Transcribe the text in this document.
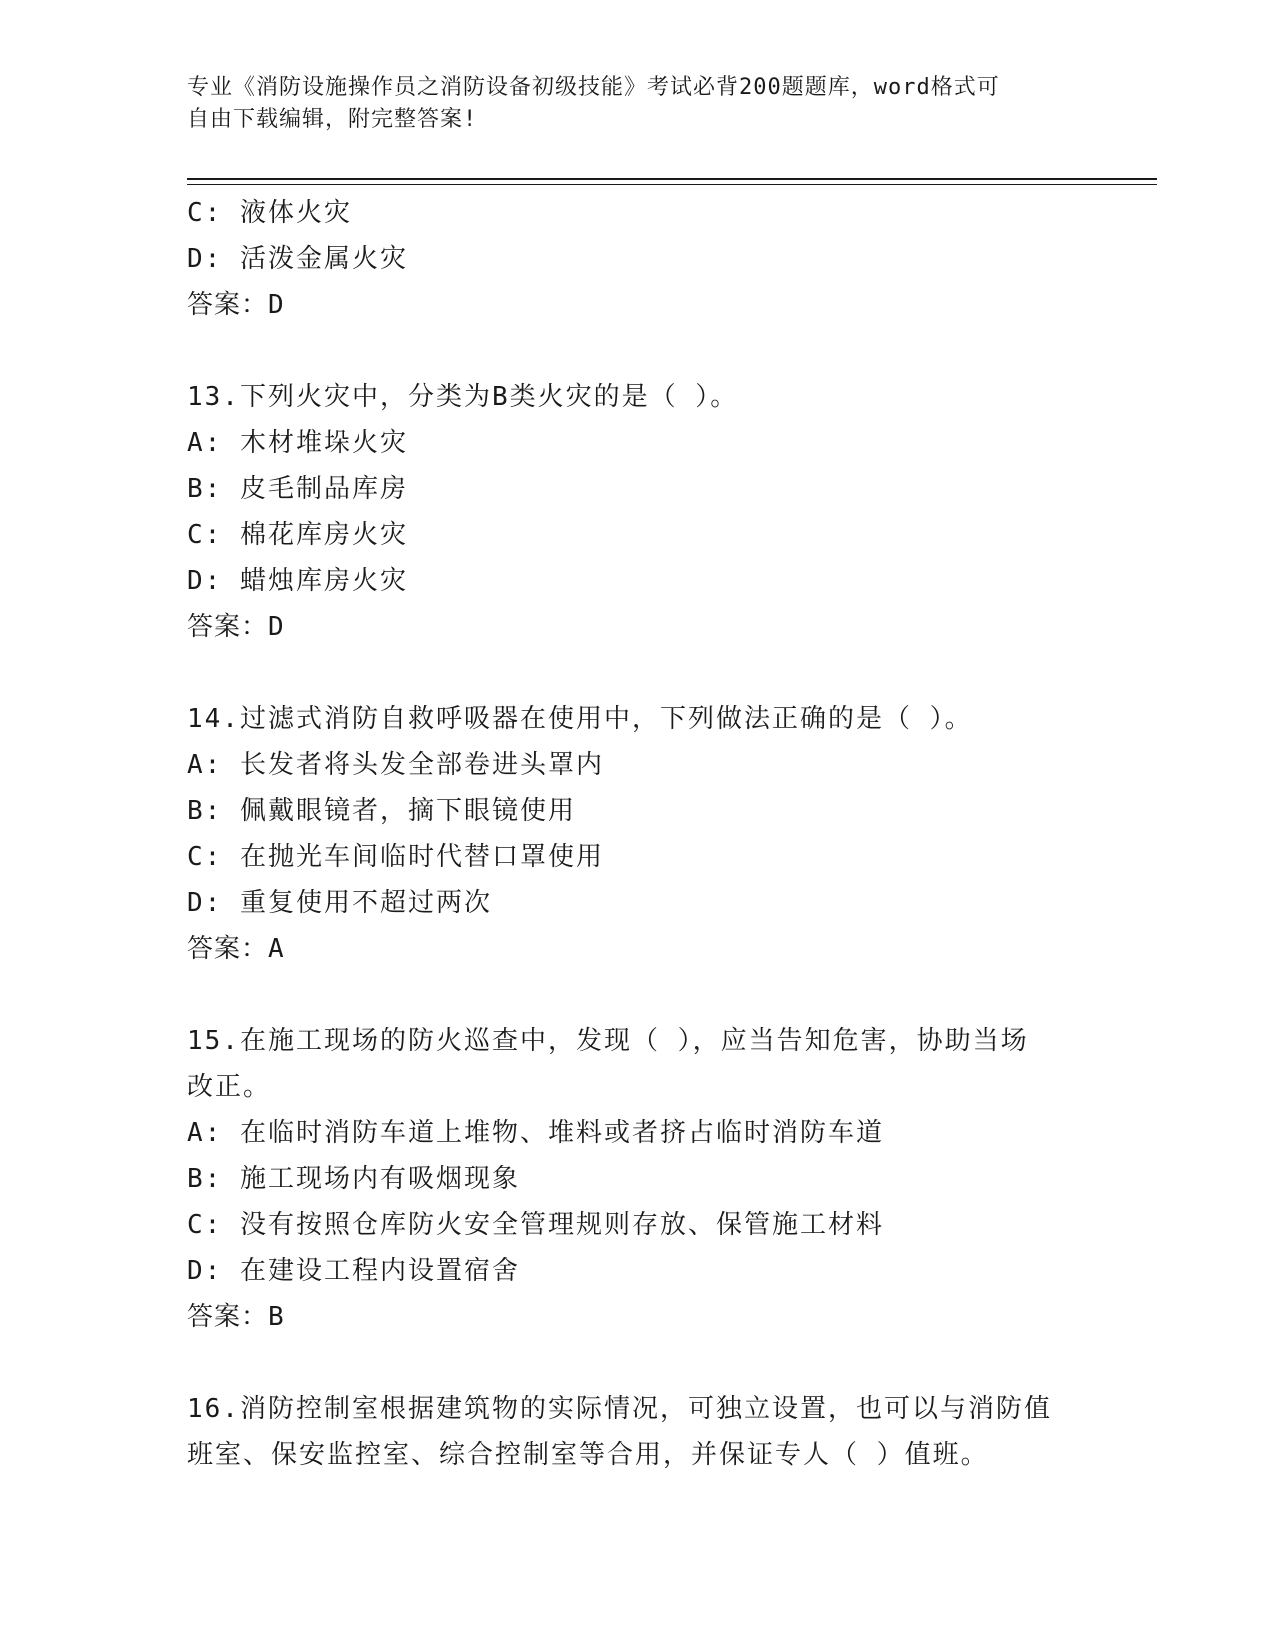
专业《消防设施操作员之消防设备初级技能》考试必背200题题库，word格式可
自由下载编辑，附完整答案!
C: 液体火灾
D: 活泼金属火灾
答案：D
13.下列火灾中，分类为B类火灾的是（ ）。
A: 木材堆垛火灾
B: 皮毛制品库房
C: 棉花库房火灾
D: 蜡烛库房火灾
答案：D
14.过滤式消防自救呼吸器在使用中，下列做法正确的是（ ）。
A: 长发者将头发全部卷进头罩内
B: 佩戴眼镜者，摘下眼镜使用
C: 在抛光车间临时代替口罩使用
D: 重复使用不超过两次
答案：A
15.在施工现场的防火巡查中，发现（ ），应当告知危害，协助当场
改正。
A: 在临时消防车道上堆物、堆料或者挤占临时消防车道
B: 施工现场内有吸烟现象
C: 没有按照仓库防火安全管理规则存放、保管施工材料
D: 在建设工程内设置宿舍
答案：B
16.消防控制室根据建筑物的实际情况，可独立设置，也可以与消防值
班室、保安监控室、综合控制室等合用，并保证专人（ ）值班。
